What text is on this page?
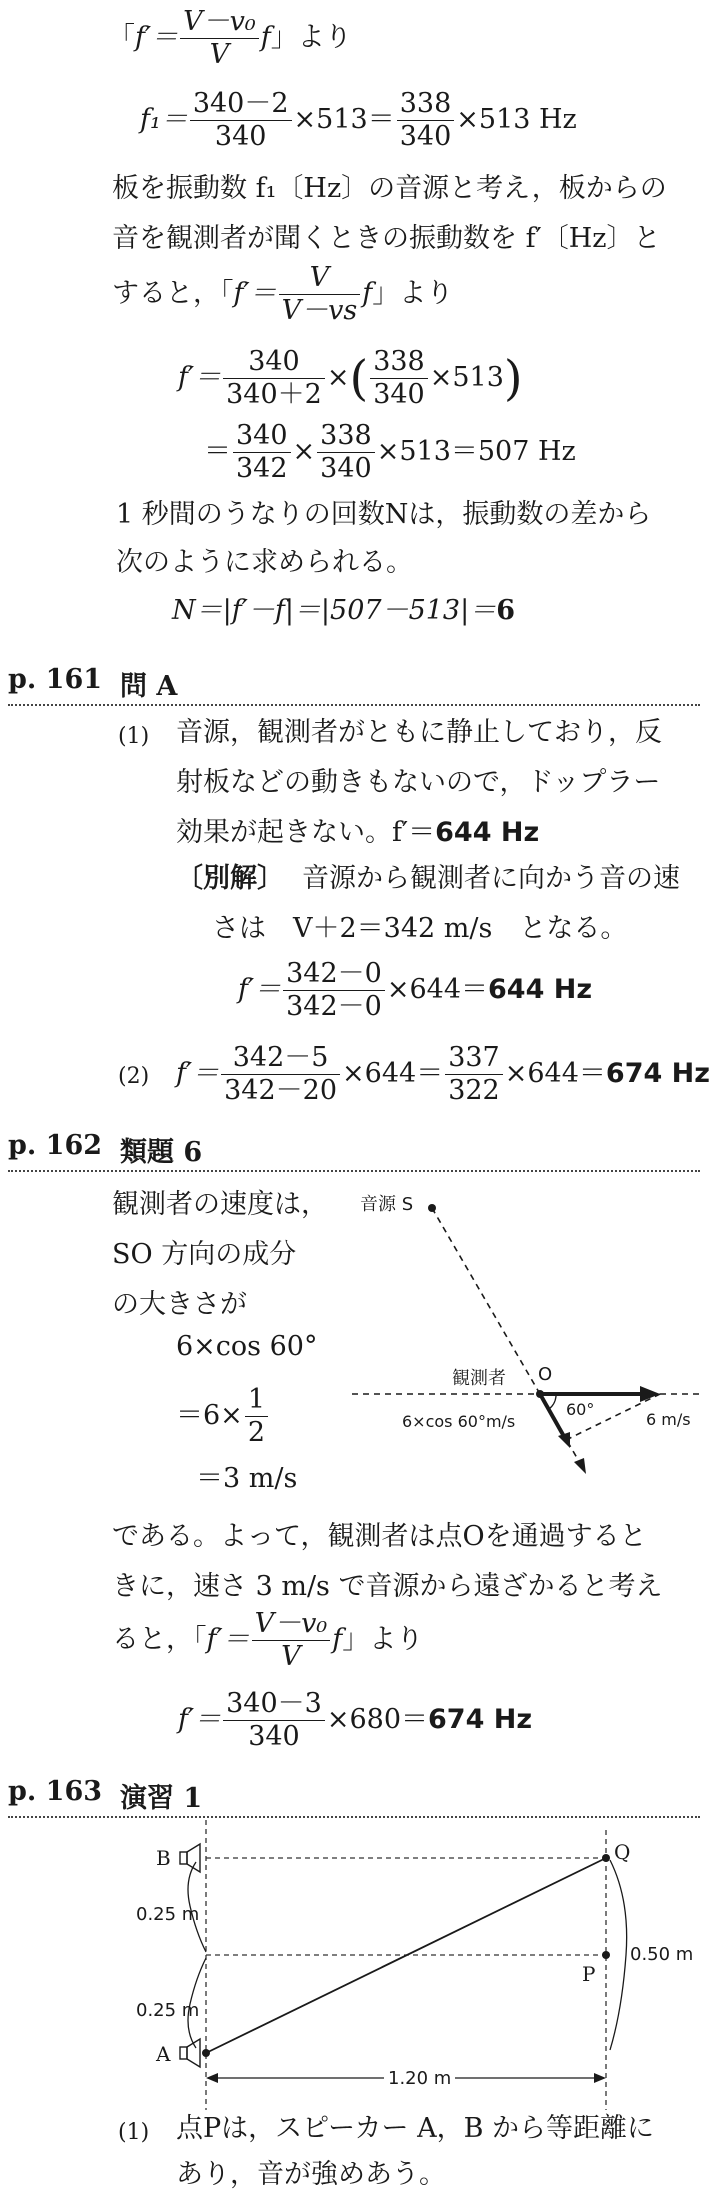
「$f'= \frac{\text{V－v₀}}{V}$ f」より
$f_1= \frac{340-2}{340} \times 513= \frac{338}{340} \times 513$ Hz
板を振動数 f₁〔Hz〕の音源と考え，板からの
音を観測者が聞くときの振動数を f′〔Hz〕と
すると，「$f'= \frac{V}{V-vs}$ f」より
$f'= \frac{340}{340+2}$ ×( $\frac{338}{340} \times 513$)
＝ $\frac{340}{342} \times \frac{338}{340} \times 513=507$ Hz
1 秒間のうなりの回数Nは，振動数の差から
次のように求められる。
N＝|f′－f|＝|507－513|＝6
p. 161 問 A
(1) 音源，観測者がともに静止しており，反
射板などの動きもないので，ドップラー
効果が起きない。f′＝644 Hz
〔別解〕 音源から観測者に向かう音の速
さは　V＋2＝342 m/s　となる。
$f'= \frac{342-0}{342-0} \times 644=644$ Hz
(2) $f'= \frac{342-5}{342-20} \times 644= \frac{337}{322} \times 644=674$ Hz
p. 162 類題 6
観測者の速度は，
SO 方向の成分
の大きさが
6×cos 60°
$=6\times \frac{1}{2}$
＝3 m/s
音源 S
観測者 O
60°
6×cos 60°m/s	6 m/s
である。よって，観測者は点Oを通過すると
きに，速さ 3 m/s で音源から遠ざかると考え
ると，「$f'= \frac{\text{V－v₀}}{V}$ f」より
$f'= \frac{340-3}{340} \times 680=674$ Hz
p. 163 演習 1
B
A
Q
P
0.25 m
0.25 m
0.50 m
1.20 m
(1) 点Pは，スピーカー A，B から等距離に
あり，音が強めあう。
